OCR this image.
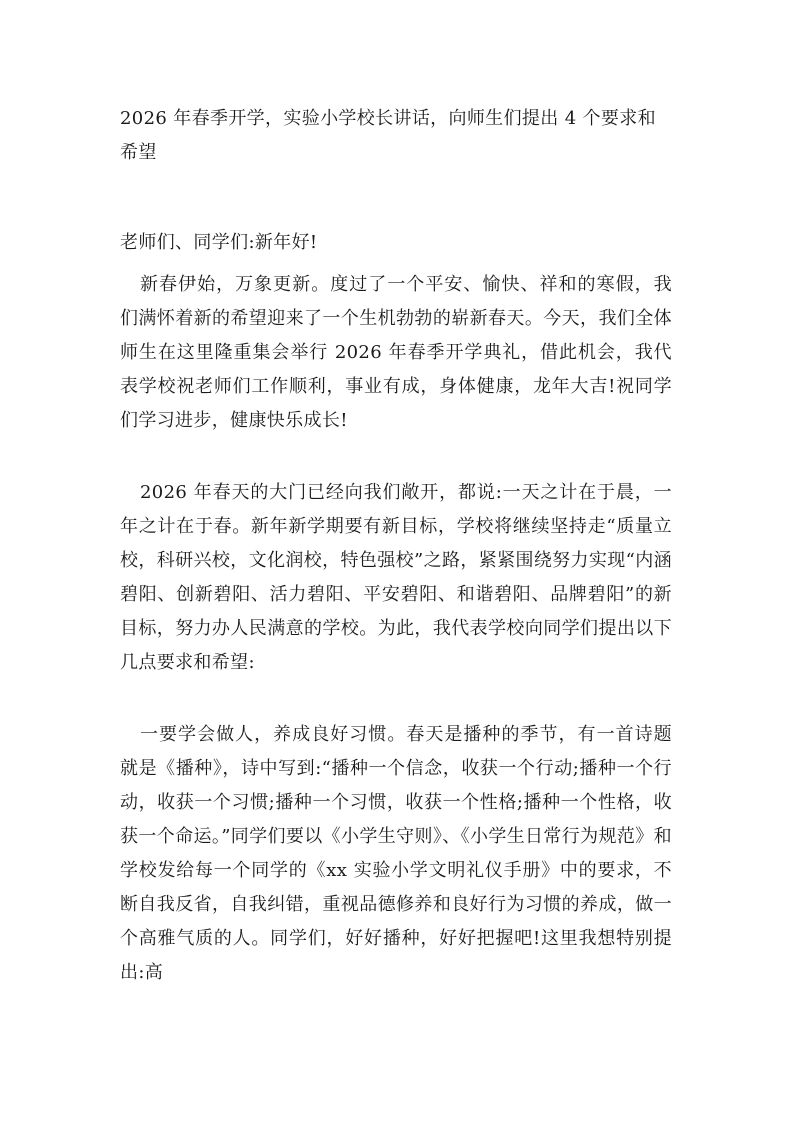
2026 年春季开学，实验小学校长讲话，向师生们提出 4 个要求和希望
老师们、同学们:新年好!
新春伊始，万象更新。度过了一个平安、愉快、祥和的寒假，我们满怀着新的希望迎来了一个生机勃勃的崭新春天。今天，我们全体师生在这里隆重集会举行 2026 年春季开学典礼，借此机会，我代表学校祝老师们工作顺利，事业有成，身体健康，龙年大吉!祝同学们学习进步，健康快乐成长!
2026 年春天的大门已经向我们敞开，都说:一天之计在于晨，一年之计在于春。新年新学期要有新目标，学校将继续坚持走“质量立校，科研兴校，文化润校，特色强校”之路，紧紧围绕努力实现“内涵碧阳、创新碧阳、活力碧阳、平安碧阳、和谐碧阳、品牌碧阳”的新目标，努力办人民满意的学校。为此，我代表学校向同学们提出以下几点要求和希望:
一要学会做人，养成良好习惯。春天是播种的季节，有一首诗题就是《播种》，诗中写到:“播种一个信念，收获一个行动;播种一个行动，收获一个习惯;播种一个习惯，收获一个性格;播种一个性格，收获一个命运。”同学们要以《小学生守则》、《小学生日常行为规范》和学校发给每一个同学的《xx 实验小学文明礼仪手册》中的要求，不断自我反省，自我纠错，重视品德修养和良好行为习惯的养成，做一个高雅气质的人。同学们，好好播种，好好把握吧!这里我想特别提出:高
